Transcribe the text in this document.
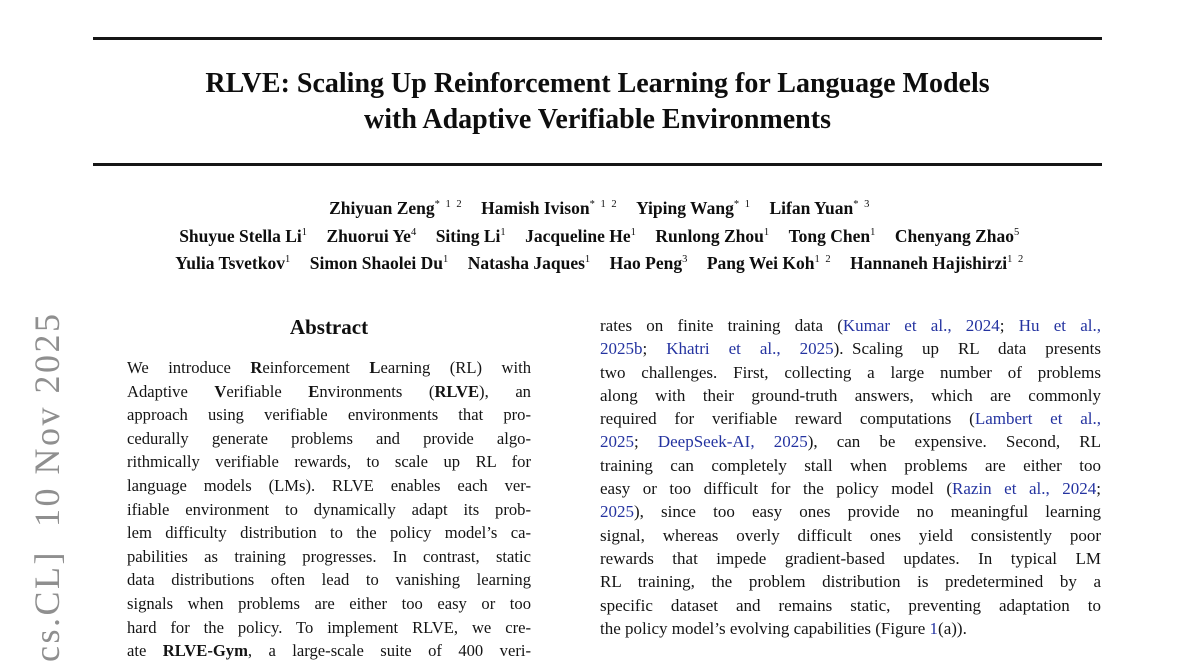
cs.CL]  10 Nov 2025
RLVE: Scaling Up Reinforcement Learning for Language Models
with Adaptive Verifiable Environments
Zhiyuan Zeng$^{* 1 2}$ Hamish Ivison$^{* 1 2}$ Yiping Wang$^{* 1}$ Lifan Yuan$^{* 3}$
Shuyue Stella Li$^1$ Zhuorui Ye$^4$ Siting Li$^1$ Jacqueline He$^1$ Runlong Zhou$^1$ Tong Chen$^1$ Chenyang Zhao$^5$
Yulia Tsvetkov$^1$ Simon Shaolei Du$^1$ Natasha Jaques$^1$ Hao Peng$^3$ Pang Wei Koh$^{1 2}$ Hannaneh Hajishirzi$^{1 2}$
Abstract
We introduce Reinforcement Learning (RL) with
Adaptive Verifiable Environments (RLVE), an
approach using verifiable environments that pro-
cedurally generate problems and provide algo-
rithmically verifiable rewards, to scale up RL for
language models (LMs). RLVE enables each ver-
ifiable environment to dynamically adapt its prob-
lem difficulty distribution to the policy model’s ca-
pabilities as training progresses. In contrast, static
data distributions often lead to vanishing learning
signals when problems are either too easy or too
hard for the policy. To implement RLVE, we cre-
ate RLVE-Gym, a large-scale suite of 400 veri-
rates on finite training data (Kumar et al., 2024; Hu et al.,
2025b; Khatri et al., 2025). Scaling up RL data presents
two challenges. First, collecting a large number of problems
along with their ground-truth answers, which are commonly
required for verifiable reward computations (Lambert et al.,
2025; DeepSeek-AI, 2025), can be expensive. Second, RL
training can completely stall when problems are either too
easy or too difficult for the policy model (Razin et al., 2024;
2025), since too easy ones provide no meaningful learning
signal, whereas overly difficult ones yield consistently poor
rewards that impede gradient-based updates. In typical LM
RL training, the problem distribution is predetermined by a
specific dataset and remains static, preventing adaptation to
the policy model’s evolving capabilities (Figure 1(a)).
